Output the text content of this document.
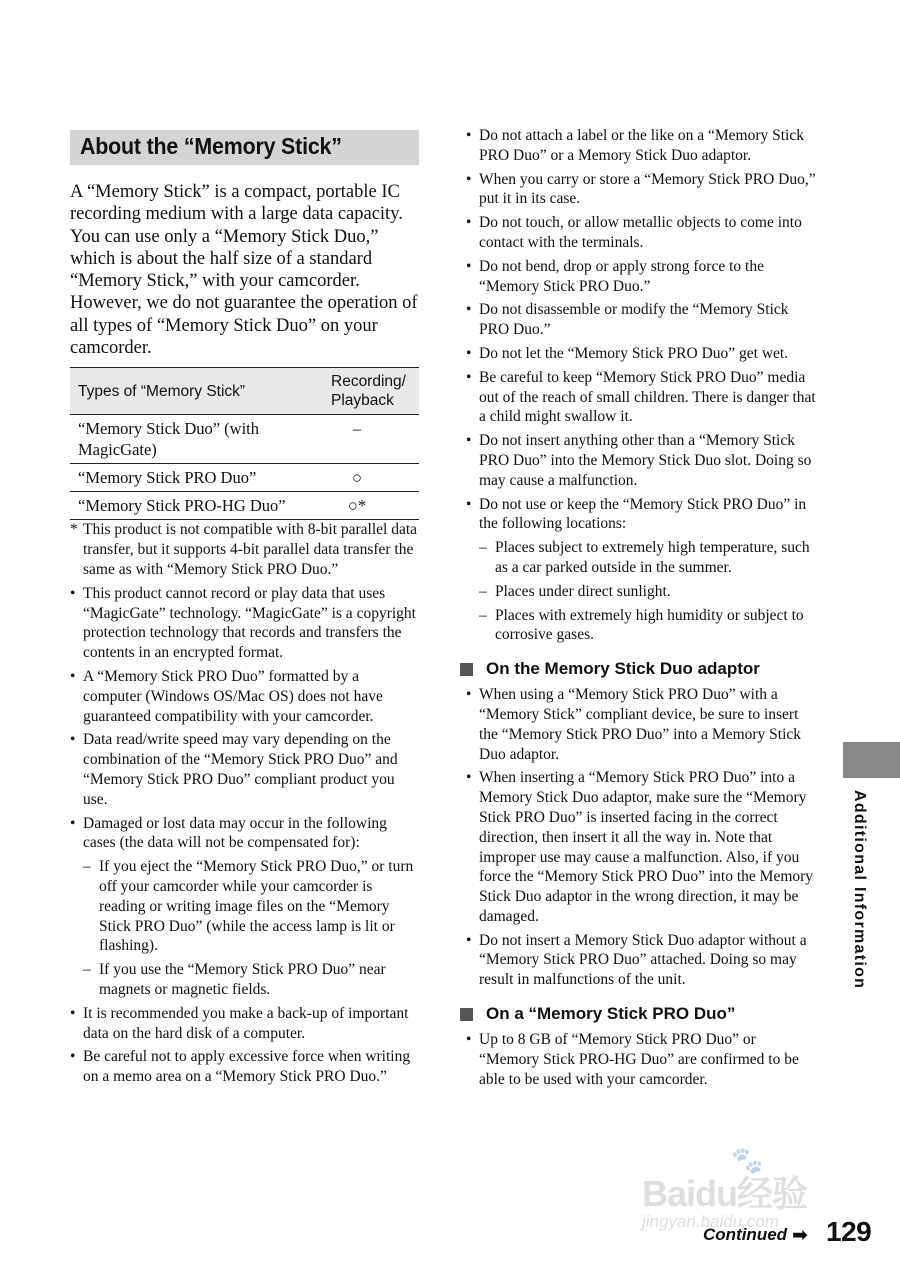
About the “Memory Stick”

A “Memory Stick” is a compact, portable IC recording medium with a large data capacity.

You can use only a “Memory Stick Duo,” which is about the half size of a standard “Memory Stick,” with your camcorder. However, we do not guarantee the operation of all types of “Memory Stick Duo” on your camcorder.

Types of “Memory Stick”	Recording/ Playback
“Memory Stick Duo” (with MagicGate)	–
“Memory Stick PRO Duo”	○
“Memory Stick PRO-HG Duo”	○*
* This product is not compatible with 8-bit parallel data transfer, but it supports 4-bit parallel data transfer the same as with “Memory Stick PRO Duo.”
• This product cannot record or play data that uses “MagicGate” technology. “MagicGate” is a copyright protection technology that records and transfers the contents in an encrypted format.
• A “Memory Stick PRO Duo” formatted by a computer (Windows OS/Mac OS) does not have guaranteed compatibility with your camcorder.
• Data read/write speed may vary depending on the combination of the “Memory Stick PRO Duo” and “Memory Stick PRO Duo” compliant product you use.
• Damaged or lost data may occur in the following cases (the data will not be compensated for):
– If you eject the “Memory Stick PRO Duo,” or turn off your camcorder while your camcorder is reading or writing image files on the “Memory Stick PRO Duo” (while the access lamp is lit or flashing).
– If you use the “Memory Stick PRO Duo” near magnets or magnetic fields.
• It is recommended you make a back-up of important data on the hard disk of a computer.
• Be careful not to apply excessive force when writing on a memo area on a “Memory Stick PRO Duo.”
• Do not attach a label or the like on a “Memory Stick PRO Duo” or a Memory Stick Duo adaptor.
• When you carry or store a “Memory Stick PRO Duo,” put it in its case.
• Do not touch, or allow metallic objects to come into contact with the terminals.
• Do not bend, drop or apply strong force to the “Memory Stick PRO Duo.”
• Do not disassemble or modify the “Memory Stick PRO Duo.”
• Do not let the “Memory Stick PRO Duo” get wet.
• Be careful to keep “Memory Stick PRO Duo” media out of the reach of small children. There is danger that a child might swallow it.
• Do not insert anything other than a “Memory Stick PRO Duo” into the Memory Stick Duo slot. Doing so may cause a malfunction.
• Do not use or keep the “Memory Stick PRO Duo” in the following locations:
– Places subject to extremely high temperature, such as a car parked outside in the summer.
– Places under direct sunlight.
– Places with extremely high humidity or subject to corrosive gases.
On the Memory Stick Duo adaptor
• When using a “Memory Stick PRO Duo” with a “Memory Stick” compliant device, be sure to insert the “Memory Stick PRO Duo” into a Memory Stick Duo adaptor.
• When inserting a “Memory Stick PRO Duo” into a Memory Stick Duo adaptor, make sure the “Memory Stick PRO Duo” is inserted facing in the correct direction, then insert it all the way in. Note that improper use may cause a malfunction. Also, if you force the “Memory Stick PRO Duo” into the Memory Stick Duo adaptor in the wrong direction, it may be damaged.
• Do not insert a Memory Stick Duo adaptor without a “Memory Stick PRO Duo” attached. Doing so may result in malfunctions of the unit.
On a “Memory Stick PRO Duo”
• Up to 8 GB of “Memory Stick PRO Duo” or “Memory Stick PRO-HG Duo” are confirmed to be able to be used with your camcorder.
Additional Information
🐾
Baidu经验
jingyan.baidu.com
Continued ➡ 129
